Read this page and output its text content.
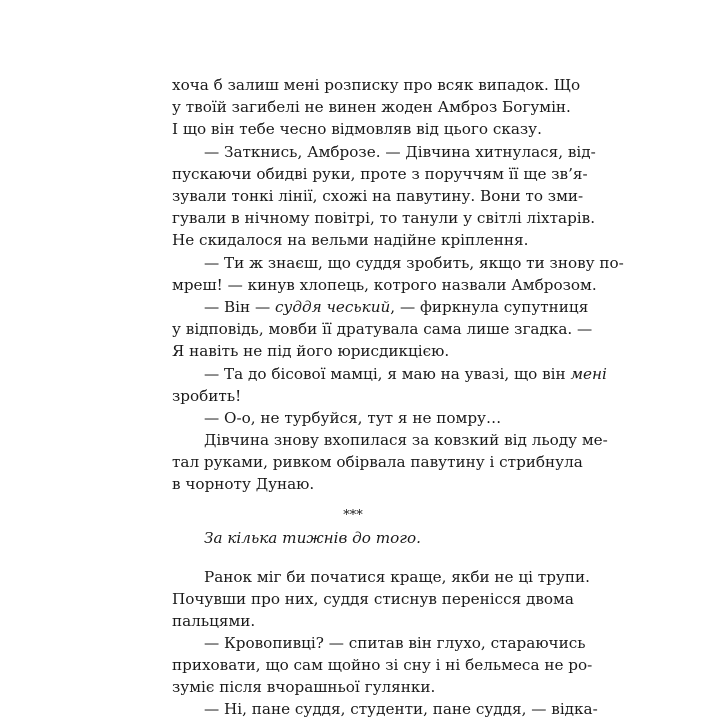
хоча б залиш мені розписку про всяк випадок. Що
у твоїй загибелі не винен жоден Амброз Богумін.
І що він тебе чесно відмовляв від цього сказу.
— Заткнись, Амброзе. — Дівчина хитнулася, від-
пускаючи обидві руки, проте з поруччям її ще зв’я-
зували тонкі лінії, схожі на павутину. Вони то зми-
гували в нічному повітрі, то танули у світлі ліхтарів.
Не скидалося на вельми надійне кріплення.
— Ти ж знаєш, що суддя зробить, якщо ти знову по-
мреш! — кинув хлопець, котрого назвали Амброзом.
— Він — суддя чеський, — фиркнула супутниця
у відповідь, мовби її дратувала сама лише згадка. —
Я навіть не під його юрисдикцією.
— Та до бісової мамці, я маю на увазі, що він мені
зробить!
— О-о, не турбуйся, тут я не помру…
Дівчина знову вхопилася за ковзкий від льоду ме-
тал руками, ривком обірвала павутину і стрибнула
в чорноту Дунаю.
***
За кілька тижнів до того.
Ранок міг би початися краще, якби не ці трупи.
Почувши про них, суддя стиснув перенісся двома
пальцями.
— Кровопивці? — спитав він глухо, стараючись
приховати, що сам щойно зі сну і ні бельмеса не ро-
зуміє після вчорашньої гулянки.
— Ні, пане суддя, студенти, пане суддя, — відка-
